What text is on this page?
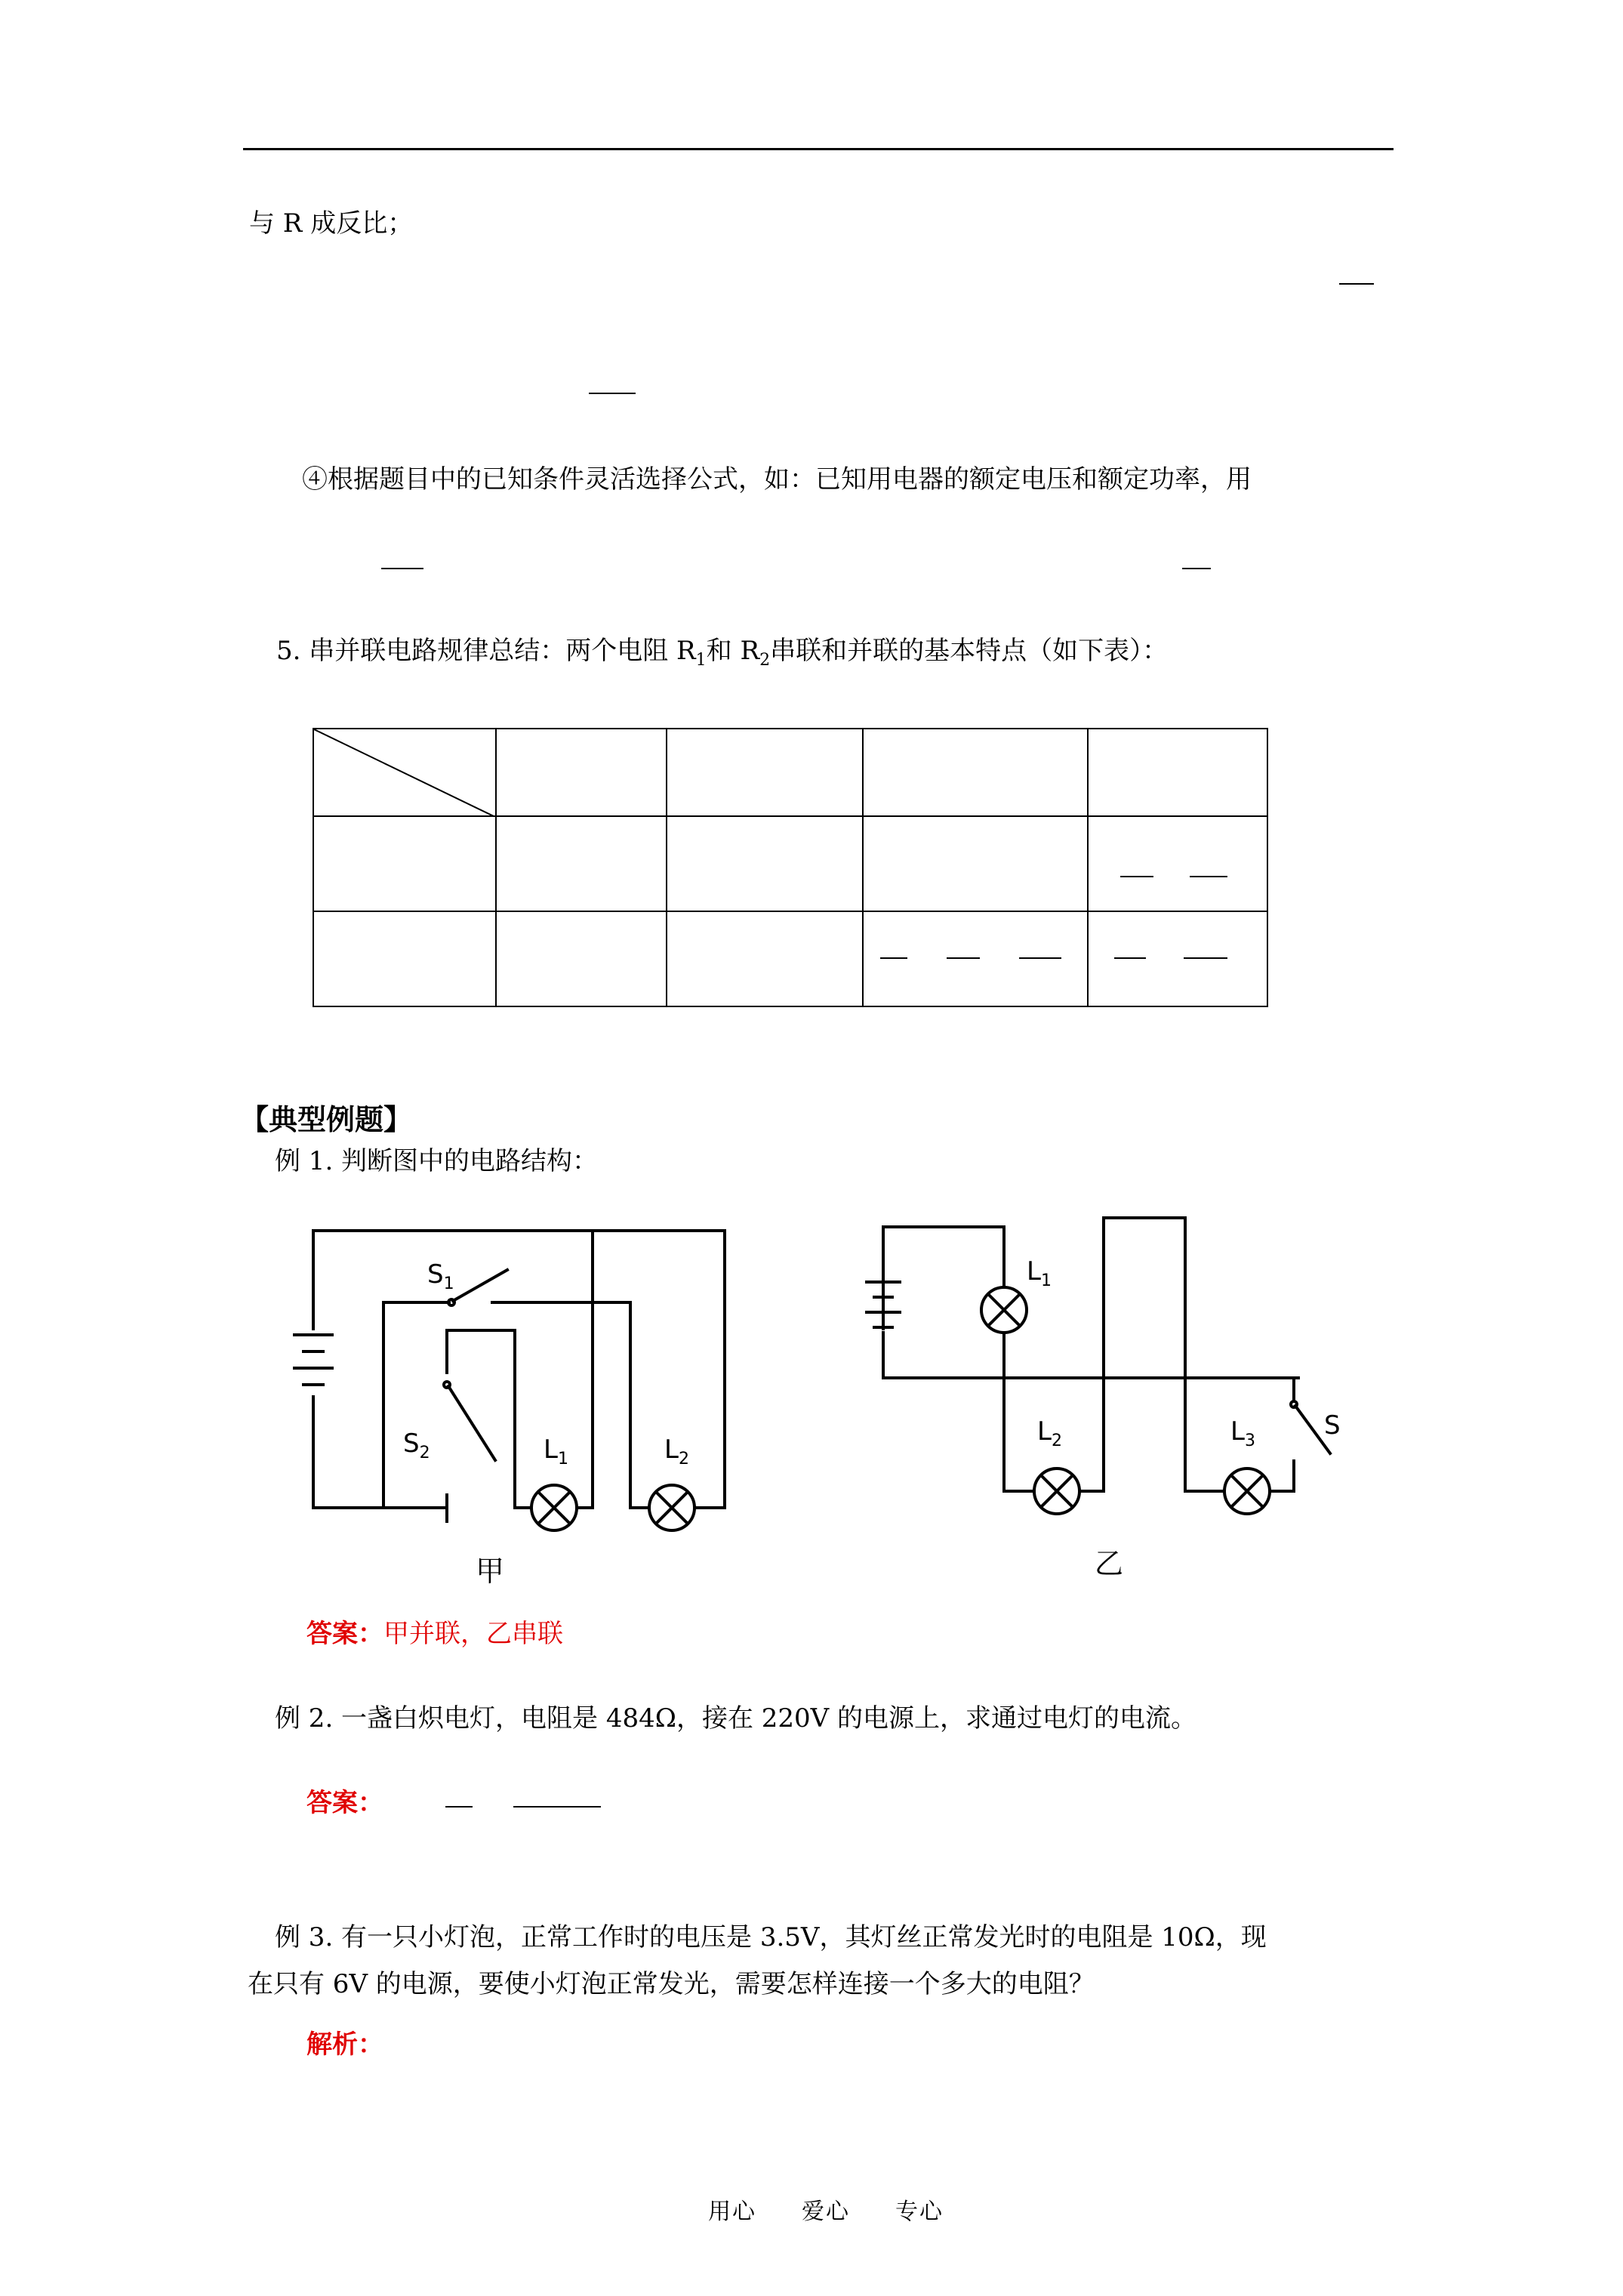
与 R 成反比；
④根据题目中的已知条件灵活选择公式，如：已知用电器的额定电压和额定功率，用
5. 串并联电路规律总结：两个电阻 $R_1$和 $R_2$串联和并联的基本特点（如下表）：

【典型例题】
例 1. 判断图中的电路结构：
$S_1$
$S_2$	$L_1$	$L_2$
$L_1$
$L_2$	$L_3$
S
甲	乙
答案：甲并联，乙串联
例 2. 一盏白炽电灯，电阻是 484Ω，接在 220V 的电源上，求通过电灯的电流。
答案：
例 3. 有一只小灯泡，正常工作时的电压是 3.5V，其灯丝正常发光时的电阻是 10Ω，现
在只有 6V 的电源，要使小灯泡正常发光，需要怎样连接一个多大的电阻？
解析：
用心 爱心 专心
